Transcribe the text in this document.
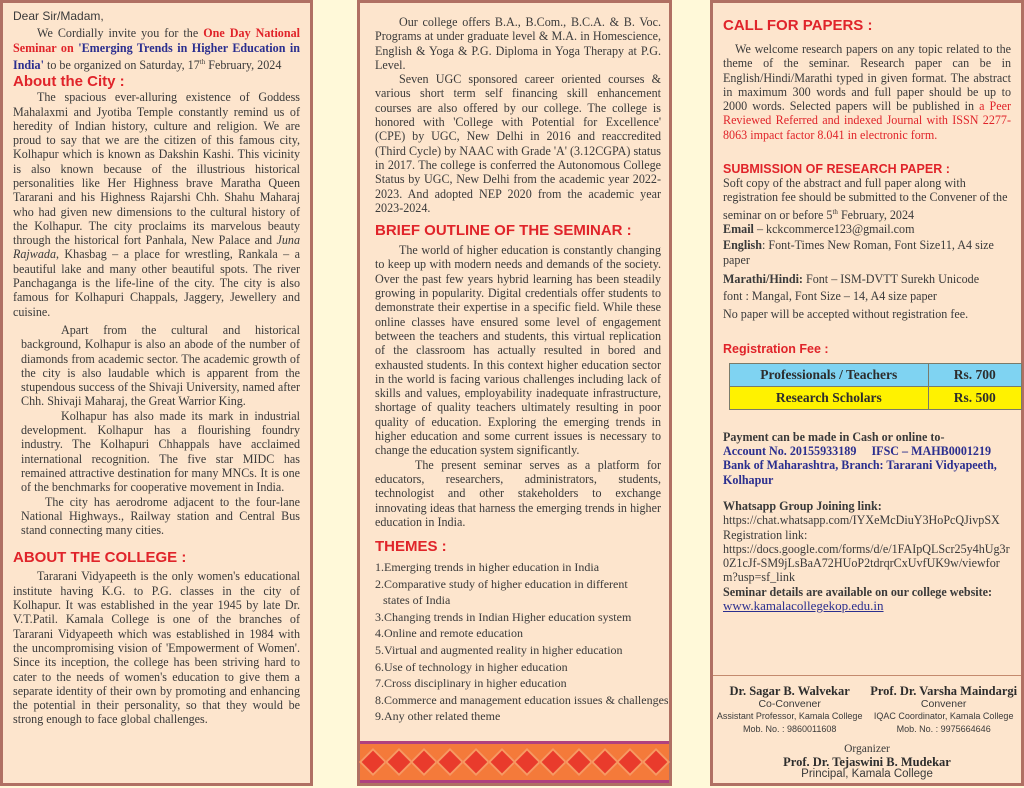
Dear Sir/Madam,

We Cordially invite you for the One Day National Seminar on 'Emerging Trends in Higher Education in India' to be organized on Saturday, 17th February, 2024

About the City :

The spacious ever-alluring existence of Goddess Mahalaxmi and Jyotiba Temple constantly remind us of heredity of Indian history, culture and religion. We are proud to say that we are the citizen of this famous city, Kolhapur which is known as Dakshin Kashi. This vicinity is also known because of the illustrious historical personalities like Her Highness brave Maratha Queen Tararani and his Highness Rajarshi Chh. Shahu Maharaj who had given new dimensions to the cultural history of the Kolhapur. The city proclaims its marvelous beauty through the historical fort Panhala, New Palace and Juna Rajwada, Khasbag – a place for wrestling, Rankala – a beautiful lake and many other beautiful spots. The river Panchaganga is the life-line of the city. The city is also famous for Kolhapuri Chappals, Jaggery, Jewellery and cuisine.

Apart from the cultural and historical background, Kolhapur is also an abode of the number of diamonds from academic sector. The academic growth of the city is also laudable which is apparent from the stupendous success of the Shivaji University, named after Chh. Shivaji Maharaj, the Great Warrior King.

Kolhapur has also made its mark in industrial development. Kolhapur has a flourishing foundry industry. The Kolhapuri Chhappals have acclaimed international recognition. The five star MIDC has remained attractive destination for many MNCs. It is one of the benchmarks for cooperative movement in India.

The city has aerodrome adjacent to the four-lane National Highways., Railway station and Central Bus stand connecting many cities.

ABOUT THE COLLEGE :

Tararani Vidyapeeth is the only women's educational institute having K.G. to P.G. classes in the city of Kolhapur. It was established in the year 1945 by late Dr. V.T.Patil. Kamala College is one of the branches of Tararani Vidyapeeth which was established in 1984 with the uncompromising vision of 'Empowerment of Women'. Since its inception, the college has been striving hard to cater to the needs of women's education to give them a separate identity of their own by promoting and enhancing the potential in their personality, so that they would be strong enough to face global challenges.

Our college offers B.A., B.Com., B.C.A. & B. Voc. Programs at under graduate level & M.A. in Homescience, English & Yoga & P.G. Diploma in Yoga Therapy at P.G. Level.

Seven UGC sponsored career oriented courses & various short term self financing skill enhancement courses are also offered by our college. The college is honored with 'College with Potential for Excellence' (CPE) by UGC, New Delhi in 2016 and reaccredited (Third Cycle) by NAAC with Grade 'A' (3.12CGPA) status in 2017. The college is conferred the Autonomous College Status by UGC, New Delhi from the academic year 2022-2023. And adopted NEP 2020 from the academic year 2023-2024.

BRIEF OUTLINE OF THE SEMINAR :

The world of higher education is constantly changing to keep up with modern needs and demands of the society. Over the past few years hybrid learning has been steadily growing in popularity. Digital credentials offer students to demonstrate their expertise in a specific field. While these online classes have ensured some level of engagement between the teachers and students, this virtual replication of the classroom has actually resulted in bored and exhausted students. In this context higher education sector in the world is facing various challenges including lack of skills and values, employability inadequate infrastructure, shortage of quality teachers ultimately resulting in poor quality of education. Exploring the emerging trends in higher education and some current issues is necessary to change the education system significantly.

The present seminar serves as a platform for educators, researchers, administrators, students, technologist and other stakeholders to exchange innovating ideas that harness the emerging trends in higher education in India.

THEMES :

1.Emerging trends in higher education in India

2.Comparative study of higher education in different

states of India

3.Changing trends in Indian Higher education system

4.Online and remote education

5.Virtual and augmented reality in higher education

6.Use of technology in higher education

7.Cross disciplinary in higher education

8.Commerce and management education issues & challenges

9.Any other related theme

CALL FOR PAPERS :

We welcome research papers on any topic related to the theme of the seminar. Research paper can be in English/Hindi/Marathi typed in given format. The abstract in maximum 300 words and full paper should be up to 2000 words. Selected papers will be published in a Peer Reviewed Referred and indexed Journal with ISSN 2277-8063 impact factor 8.041 in electronic form.

SUBMISSION OF RESEARCH PAPER :

Soft copy of the abstract and full paper along with registration fee should be submitted to the Convener of the seminar on or before 5th February, 2024

Email – kckcommerce123@gmail.com

English: Font-Times New Roman, Font Size11, A4 size paper

Marathi/Hindi: Font – ISM-DVTT Surekh Unicode

font : Mangal, Font Size – 14, A4 size paper

No paper will be accepted without registration fee.

Registration Fee :
Professionals / Teachers	Rs. 700
Research Scholars	Rs. 500

Payment can be made in Cash or online to-

Account No. 20155933189     IFSC – MAHB0001219

Bank of Maharashtra, Branch: Tararani Vidyapeeth, Kolhapur

Whatsapp Group Joining link:

https://chat.whatsapp.com/IYXeMcDiuY3HoPcQJivpSX

Registration link:

https://docs.google.com/forms/d/e/1FAIpQLScr25y4hUg3r0Z1cJf-SM9jLsBaA72HUoP2tdrqrCxUvfUK9w/viewform?usp=sf_link

Seminar details are available on our college website:

www.kamalacollegekop.edu.in

Dr. Sagar B. Walvekar
Co-Convener
Assistant Professor, Kamala College
Mob. No. : 9860011608
Prof. Dr. Varsha Maindargi
Convener
IQAC Coordinator, Kamala College
Mob. No. : 9975664646
Organizer
Prof. Dr. Tejaswini B. Mudekar
Principal, Kamala College
